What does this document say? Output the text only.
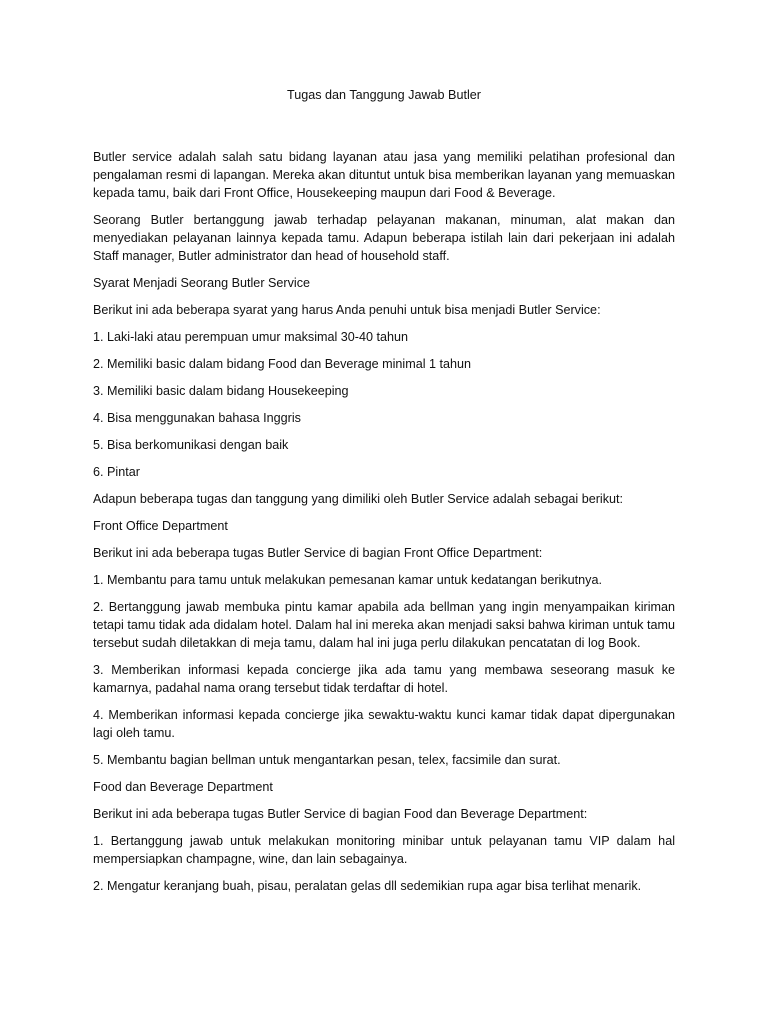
Tugas dan Tanggung Jawab Butler

Butler service adalah salah satu bidang layanan atau jasa yang memiliki pelatihan profesional dan pengalaman resmi di lapangan. Mereka akan dituntut untuk bisa memberikan layanan yang memuaskan kepada tamu, baik dari Front Office, Housekeeping maupun dari Food & Beverage.

Seorang Butler bertanggung jawab terhadap pelayanan makanan, minuman, alat makan dan menyediakan pelayanan lainnya kepada tamu. Adapun beberapa istilah lain dari pekerjaan ini adalah Staff manager, Butler administrator dan head of household staff.

Syarat Menjadi Seorang Butler Service

Berikut ini ada beberapa syarat yang harus Anda penuhi untuk bisa menjadi Butler Service:

1. Laki-laki atau perempuan umur maksimal 30-40 tahun

2. Memiliki basic dalam bidang Food dan Beverage minimal 1 tahun

3. Memiliki basic dalam bidang Housekeeping

4. Bisa menggunakan bahasa Inggris

5. Bisa berkomunikasi dengan baik

6. Pintar

Adapun beberapa tugas dan tanggung yang dimiliki oleh Butler Service adalah sebagai berikut:

Front Office Department

Berikut ini ada beberapa tugas Butler Service di bagian Front Office Department:

1. Membantu para tamu untuk melakukan pemesanan kamar untuk kedatangan berikutnya.

2. Bertanggung jawab membuka pintu kamar apabila ada bellman yang ingin menyampaikan kiriman tetapi tamu tidak ada didalam hotel. Dalam hal ini mereka akan menjadi saksi bahwa kiriman untuk tamu tersebut sudah diletakkan di meja tamu, dalam hal ini juga perlu dilakukan pencatatan di log Book.

3. Memberikan informasi kepada concierge jika ada tamu yang membawa seseorang masuk ke kamarnya, padahal nama orang tersebut tidak terdaftar di hotel.

4. Memberikan informasi kepada concierge jika sewaktu-waktu kunci kamar tidak dapat dipergunakan lagi oleh tamu.

5. Membantu bagian bellman untuk mengantarkan pesan, telex, facsimile dan surat.

Food dan Beverage Department

Berikut ini ada beberapa tugas Butler Service di bagian Food dan Beverage Department:

1. Bertanggung jawab untuk melakukan monitoring minibar untuk pelayanan tamu VIP dalam hal mempersiapkan champagne, wine, dan lain sebagainya.

2. Mengatur keranjang buah, pisau, peralatan gelas dll sedemikian rupa agar bisa terlihat menarik.
